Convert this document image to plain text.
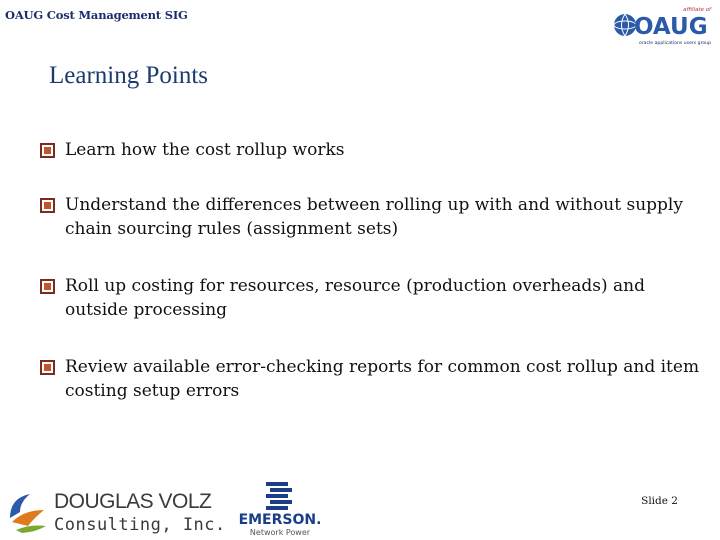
OAUG Cost Management SIG	affiliate of
OAUG
oracle applications users group
Learning Points
Learn how the cost rollup works
Understand the differences between rolling up with and without supply chain sourcing rules (assignment sets)
Roll up costing for resources, resource (production overheads) and outside processing
Review available error-checking reports for common cost rollup and item costing setup errors
DOUGLAS VOLZ
Consulting, Inc. EMERSON.
Network Power
Slide 2
